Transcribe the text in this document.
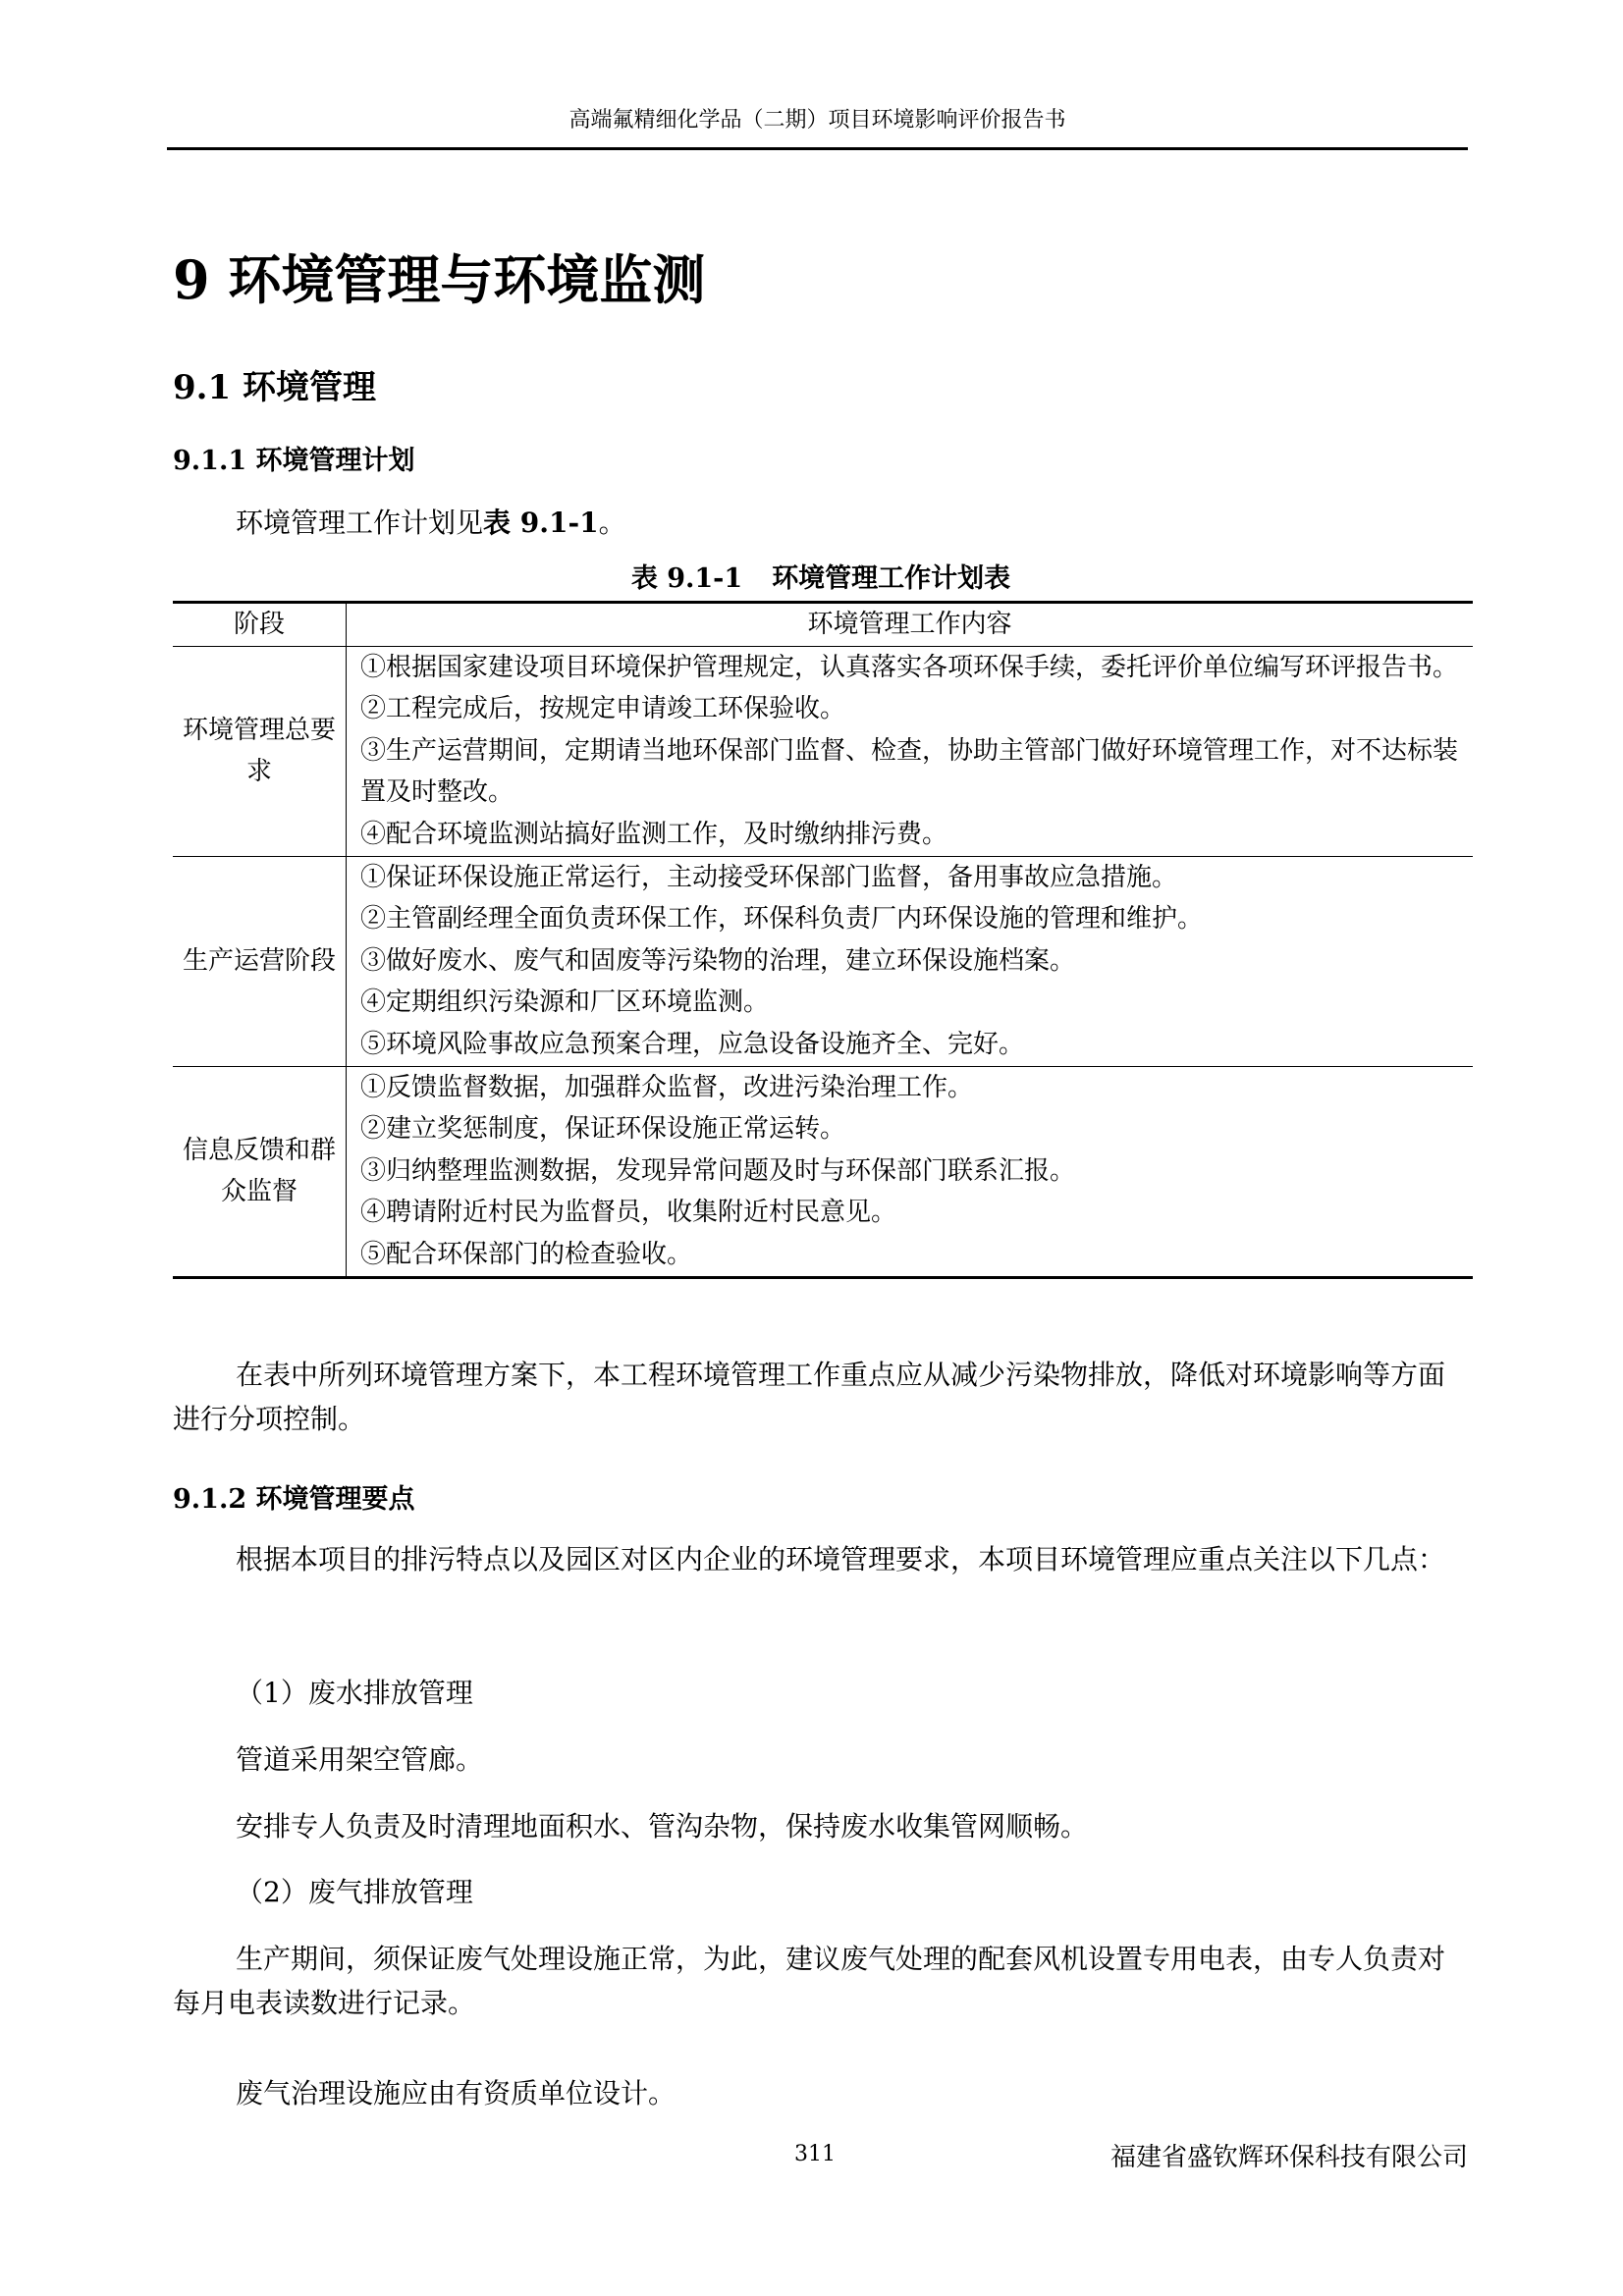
高端氟精细化学品（二期）项目环境影响评价报告书
9 环境管理与环境监测
9.1 环境管理
9.1.1 环境管理计划

环境管理工作计划见表 9.1-1。

表 9.1-1 环境管理工作计划表
阶段	环境管理工作内容
环境管理总要求	①根据国家建设项目环境保护管理规定，认真落实各项环保手续，委托评价单位编写环评报告书。
②工程完成后，按规定申请竣工环保验收。
③生产运营期间，定期请当地环保部门监督、检查，协助主管部门做好环境管理工作，对不达标装置及时整改。
④配合环境监测站搞好监测工作，及时缴纳排污费。

生产运营阶段	①保证环保设施正常运行，主动接受环保部门监督，备用事故应急措施。
②主管副经理全面负责环保工作，环保科负责厂内环保设施的管理和维护。
③做好废水、废气和固废等污染物的治理，建立环保设施档案。
④定期组织污染源和厂区环境监测。
⑤环境风险事故应急预案合理，应急设备设施齐全、完好。

信息反馈和群众监督	①反馈监督数据，加强群众监督，改进污染治理工作。
②建立奖惩制度，保证环保设施正常运转。
③归纳整理监测数据，发现异常问题及时与环保部门联系汇报。
④聘请附近村民为监督员，收集附近村民意见。
⑤配合环保部门的检查验收。

在表中所列环境管理方案下，本工程环境管理工作重点应从减少污染物排放，降低对环境影响等方面进行分项控制。

9.1.2 环境管理要点

根据本项目的排污特点以及园区对区内企业的环境管理要求，本项目环境管理应重点关注以下几点：

（1）废水排放管理

管道采用架空管廊。

安排专人负责及时清理地面积水、管沟杂物，保持废水收集管网顺畅。

（2）废气排放管理

生产期间，须保证废气处理设施正常，为此，建议废气处理的配套风机设置专用电表，由专人负责对每月电表读数进行记录。

废气治理设施应由有资质单位设计。

311	福建省盛钦辉环保科技有限公司
